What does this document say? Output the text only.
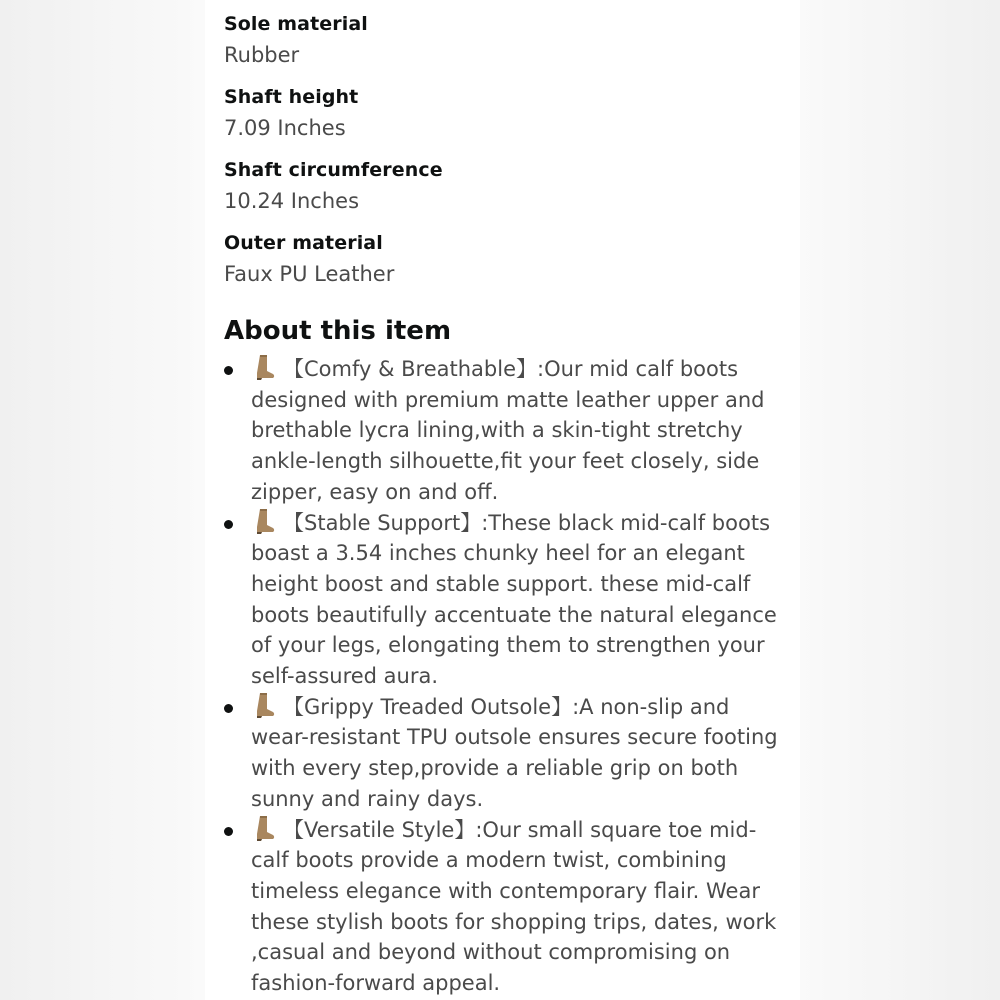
Sole material
Rubber
Shaft height
7.09 Inches
Shaft circumference
10.24 Inches
Outer material
Faux PU Leather
About this item
【Comfy & Breathable】:Our mid calf boots designed with premium matte leather upper and brethable lycra lining,with a skin-tight stretchy ankle-length silhouette,fit your feet closely, side zipper, easy on and off.
【Stable Support】:These black mid-calf boots boast a 3.54 inches chunky heel for an elegant height boost and stable support. these mid-calf boots beautifully accentuate the natural elegance of your legs, elongating them to strengthen your self-assured aura.
【Grippy Treaded Outsole】:A non-slip and wear-resistant TPU outsole ensures secure footing with every step,provide a reliable grip on both sunny and rainy days.
【Versatile Style】:Our small square toe mid-calf boots provide a modern twist, combining timeless elegance with contemporary flair. Wear these stylish boots for shopping trips, dates, work ,casual and beyond without compromising on fashion-forward appeal.
